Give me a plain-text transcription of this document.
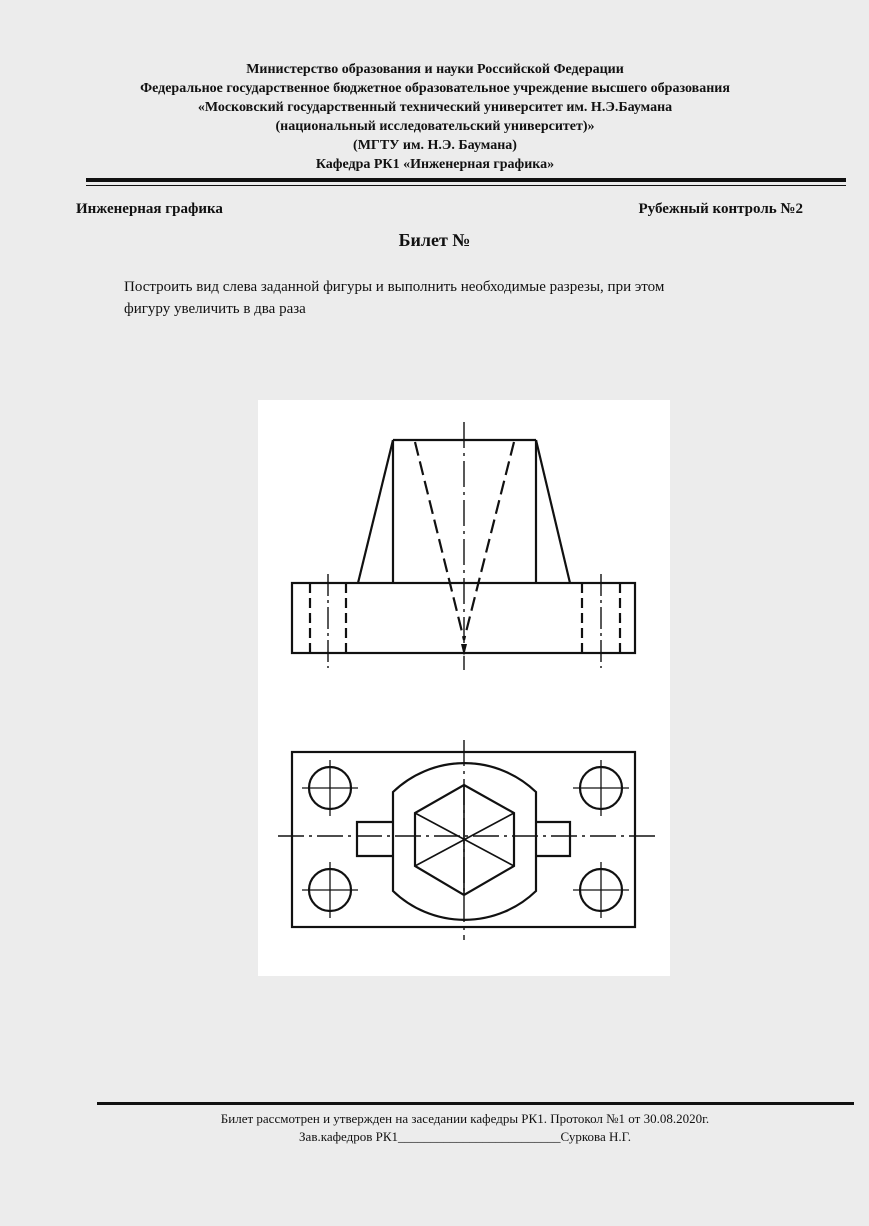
Министерство образования и науки Российской Федерации
Федеральное государственное бюджетное образовательное учреждение высшего образования
«Московский государственный технический университет им. Н.Э.Баумана
(национальный исследовательский университет)»
(МГТУ им. Н.Э. Баумана)
Кафедра РК1 «Инженерная графика»
Инженерная графика	Рубежный контроль №2
Билет №
Построить вид слева заданной фигуры и выполнить необходимые разрезы, при этом
фигуру увеличить в два раза
Билет рассмотрен и утвержден на заседании кафедры РК1. Протокол №1 от 30.08.2020г.
Зав.кафедров РК1_________________________Суркова Н.Г.
